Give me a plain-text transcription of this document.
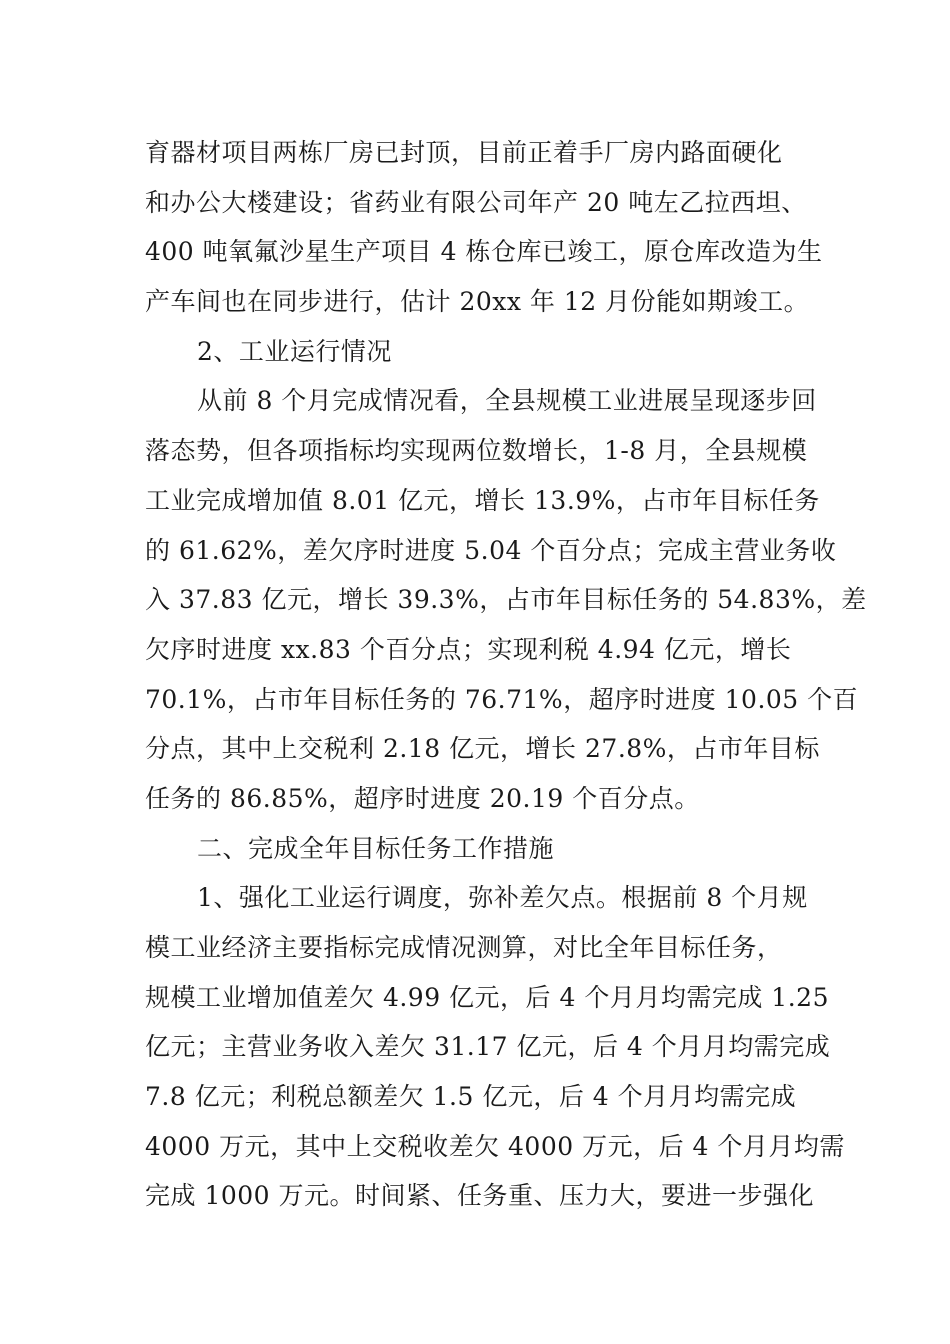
育器材项目两栋厂房已封顶，目前正着手厂房内路面硬化
和办公大楼建设；省药业有限公司年产 20 吨左乙拉西坦、
400 吨氧氟沙星生产项目 4 栋仓库已竣工，原仓库改造为生
产车间也在同步进行，估计 20xx 年 12 月份能如期竣工。
2、工业运行情况
从前 8 个月完成情况看，全县规模工业进展呈现逐步回
落态势，但各项指标均实现两位数增长，1-8 月，全县规模
工业完成增加值 8.01 亿元，增长 13.9%，占市年目标任务
的 61.62%，差欠序时进度 5.04 个百分点；完成主营业务收
入 37.83 亿元，增长 39.3%，占市年目标任务的 54.83%，差
欠序时进度 xx.83 个百分点；实现利税 4.94 亿元，增长
70.1%，占市年目标任务的 76.71%，超序时进度 10.05 个百
分点，其中上交税利 2.18 亿元，增长 27.8%，占市年目标
任务的 86.85%，超序时进度 20.19 个百分点。
二、完成全年目标任务工作措施
1、强化工业运行调度，弥补差欠点。根据前 8 个月规
模工业经济主要指标完成情况测算，对比全年目标任务，
规模工业增加值差欠 4.99 亿元，后 4 个月月均需完成 1.25
亿元；主营业务收入差欠 31.17 亿元，后 4 个月月均需完成
7.8 亿元；利税总额差欠 1.5 亿元，后 4 个月月均需完成
4000 万元，其中上交税收差欠 4000 万元，后 4 个月月均需
完成 1000 万元。时间紧、任务重、压力大，要进一步强化
